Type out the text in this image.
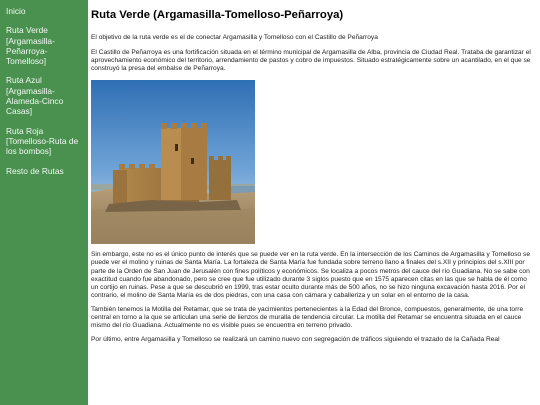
Inicio
Ruta Verde [Argamasilla-Peñarroya-Tomelloso]
Ruta Azul [Argamasilla-Alameda-Cinco Casas]
Ruta Roja [Tomelloso-Ruta de los bombos]
Resto de Rutas
Ruta Verde (Argamasilla-Tomelloso-Peñarroya)

El objetivo de la ruta verde es el de conectar Argamasilla y Tomelloso con el Castillo de Peñarroya

El Castillo de Peñarroya es una fortificación situada en el término municipal de Argamasilla de Alba, provincia de Ciudad Real. Trataba de garantizar el aprovechamiento económico del territorio, arrendamiento de pastos y cobro de impuestos. Situado estratégicamente sobre un acantilado, en el que se construyó la presa del embalse de Peñarroya.

Sin embargo, este no es el único punto de interés que se puede ver en la ruta verde. En la intersección de los Caminos de Argamasilla y Tomelloso se puede ver el molino y ruinas de Santa María. La fortaleza de Santa María fue fundada sobre terreno llano a finales del s.XII y principios del s.XIII por parte de la Orden de San Juan de Jerusalén con fines políticos y económicos. Se localiza a pocos metros del cauce del río Guadiana. No se sabe con exactitud cuando fue abandonado, pero se cree que fue utilizado durante 3 siglos puesto que en 1575 aparecen citas en las que se habla de él como un cortijo en ruinas. Pese a que se descubrió en 1999, tras estar oculto durante más de 500 años, no se hizo ninguna excavación hasta 2016. Por el contrario, el molino de Santa María es de dos piedras, con una casa con cámara y caballeriza y un solar en el entorno de la casa.

También tenemos la Motilla del Retamar, que se trata de yacimientos pertenecientes a la Edad del Bronce, compuestos, generalmente, de una torre central en torno a la que se articulan una serie de lienzos de muralla de tendencia circular. La motilla del Retamar se encuentra situada en el cauce mismo del río Guadiana. Actualmente no es visible pues se encuentra en terreno privado.

Por último, entre Argamasilla y Tomelloso se realizará un camino nuevo con segregación de tráficos siguiendo el trazado de la Cañada Real
